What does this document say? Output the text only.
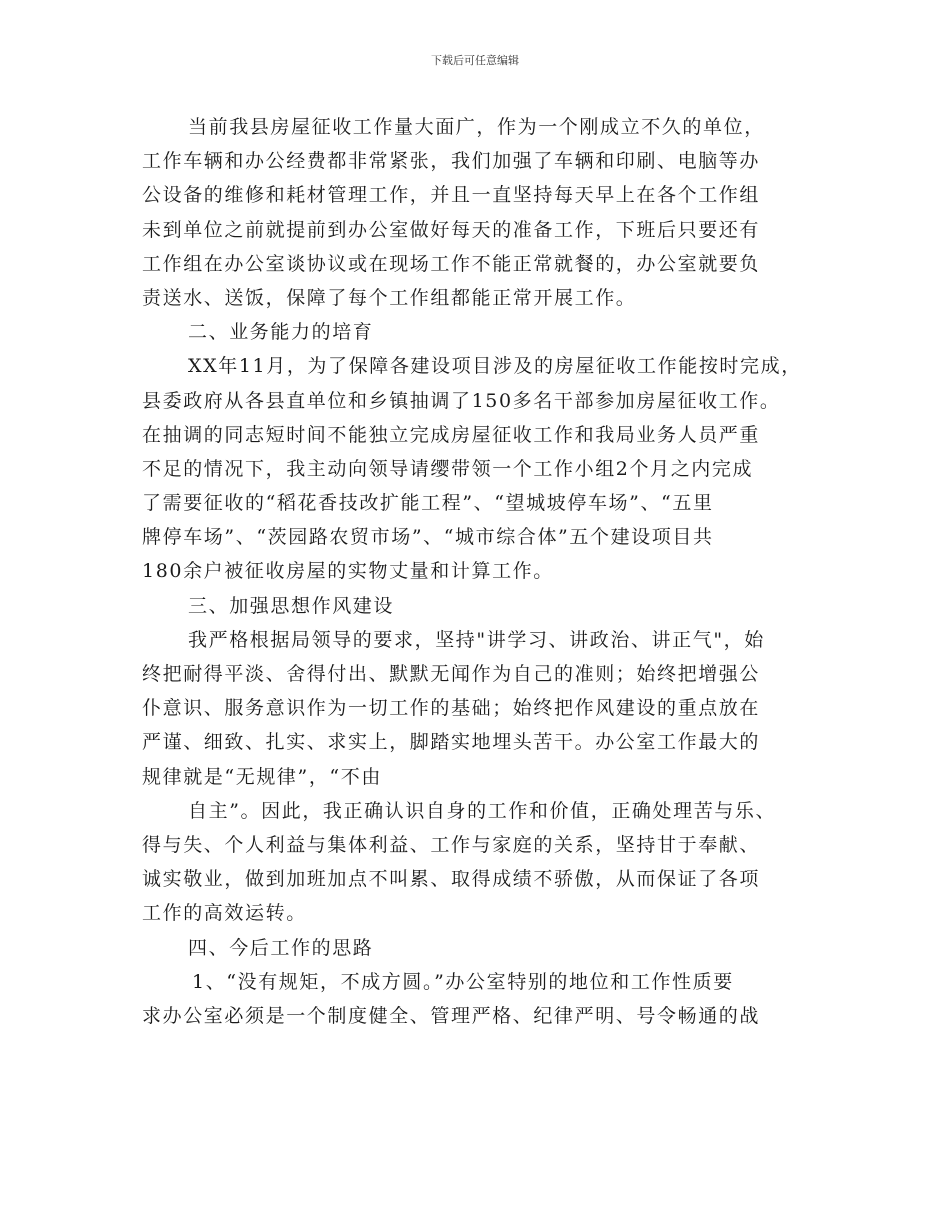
下载后可任意编辑
当前我县房屋征收工作量大面广，作为一个刚成立不久的单位，
工作车辆和办公经费都非常紧张，我们加强了车辆和印刷、电脑等办
公设备的维修和耗材管理工作，并且一直坚持每天早上在各个工作组
未到单位之前就提前到办公室做好每天的准备工作，下班后只要还有
工作组在办公室谈协议或在现场工作不能正常就餐的，办公室就要负
责送水、送饭，保障了每个工作组都能正常开展工作。
二、业务能力的培育
XX年11月，为了保障各建设项目涉及的房屋征收工作能按时完成，
县委政府从各县直单位和乡镇抽调了150多名干部参加房屋征收工作。
在抽调的同志短时间不能独立完成房屋征收工作和我局业务人员严重
不足的情况下，我主动向领导请缨带领一个工作小组2个月之内完成
了需要征收的“稻花香技改扩能工程”、“望城坡停车场”、“五里
牌停车场”、“茨园路农贸市场”、“城市综合体”五个建设项目共
180余户被征收房屋的实物丈量和计算工作。
三、加强思想作风建设
我严格根据局领导的要求，坚持"讲学习、讲政治、讲正气"，始
终把耐得平淡、舍得付出、默默无闻作为自己的准则；始终把增强公
仆意识、服务意识作为一切工作的基础；始终把作风建设的重点放在
严谨、细致、扎实、求实上，脚踏实地埋头苦干。办公室工作最大的
规律就是“无规律”，“不由
自主”。因此，我正确认识自身的工作和价值，正确处理苦与乐、
得与失、个人利益与集体利益、工作与家庭的关系，坚持甘于奉献、
诚实敬业，做到加班加点不叫累、取得成绩不骄傲，从而保证了各项
工作的高效运转。
四、今后工作的思路
1、“没有规矩，不成方圆。”办公室特别的地位和工作性质要
求办公室必须是一个制度健全、管理严格、纪律严明、号令畅通的战
